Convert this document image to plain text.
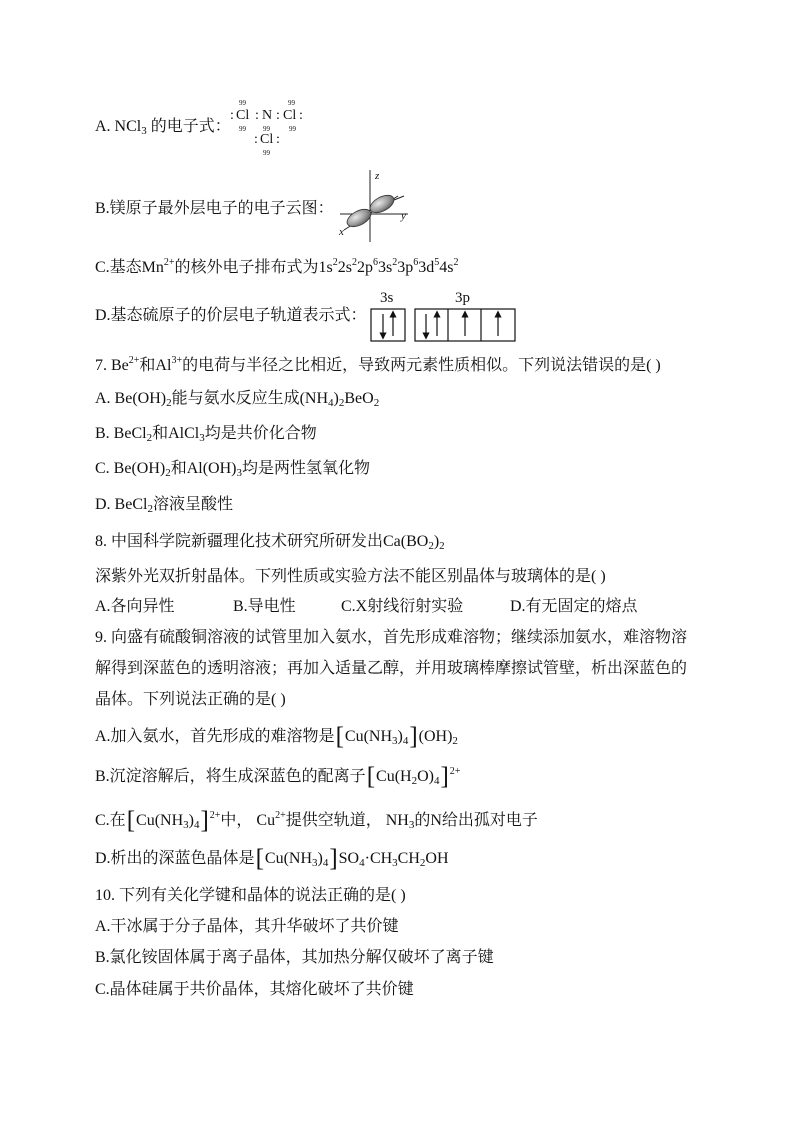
A. NCl$_3$ 的电子式：
99	99
: Cl : N : Cl :
99 99	99
: Cl :
99
B.镁原子最外层电子的电子云图：
z
y
x
C.基态$Mn^{2+}$的核外电子排布式为$1s^22s^22p^63s^23p^63d^54s^2$
D.基态硫原子的价层电子轨道表示式：
3s	3p
7. $Be^{2+}$和$Al^{3+}$的电荷与半径之比相近，导致两元素性质相似。下列说法错误的是( )
A. $Be(OH)_2$能与氨水反应生成$(NH_4)_2BeO_2$
B. BeCl$_2$和AlCl$_3$均是共价化合物
C. $Be(OH)_2$和$Al(OH)_3$均是两性氢氧化物
D. BeCl$_2$溶液呈酸性
8. 中国科学院新疆理化技术研究所研发出$Ca(BO_2)_2$
深紫外光双折射晶体。下列性质或实验方法不能区别晶体与玻璃体的是( )
A.各向异性	B.导电性	C.X射线衍射实验	D.有无固定的熔点
9. 向盛有硫酸铜溶液的试管里加入氨水，首先形成难溶物；继续添加氨水，难溶物溶
解得到深蓝色的透明溶液；再加入适量乙醇，并用玻璃棒摩擦试管壁，析出深蓝色的
晶体。下列说法正确的是( )
A.加入氨水，首先形成的难溶物是$[Cu(NH_3)_4](OH)_2$
B.沉淀溶解后，将生成深蓝色的配离子$[Cu(H_2O)_4]^{2+}$
C.在$[Cu(NH_3)_4]^{2+}$中， $Cu^{2+}$提供空轨道， $NH_3$的N给出孤对电子
D.析出的深蓝色晶体是$[Cu(NH_3)_4]SO_4\cdot CH_3CH_2OH$
10. 下列有关化学键和晶体的说法正确的是( )
A.干冰属于分子晶体，其升华破坏了共价键
B.氯化铵固体属于离子晶体，其加热分解仅破坏了离子键
C.晶体硅属于共价晶体，其熔化破坏了共价键
